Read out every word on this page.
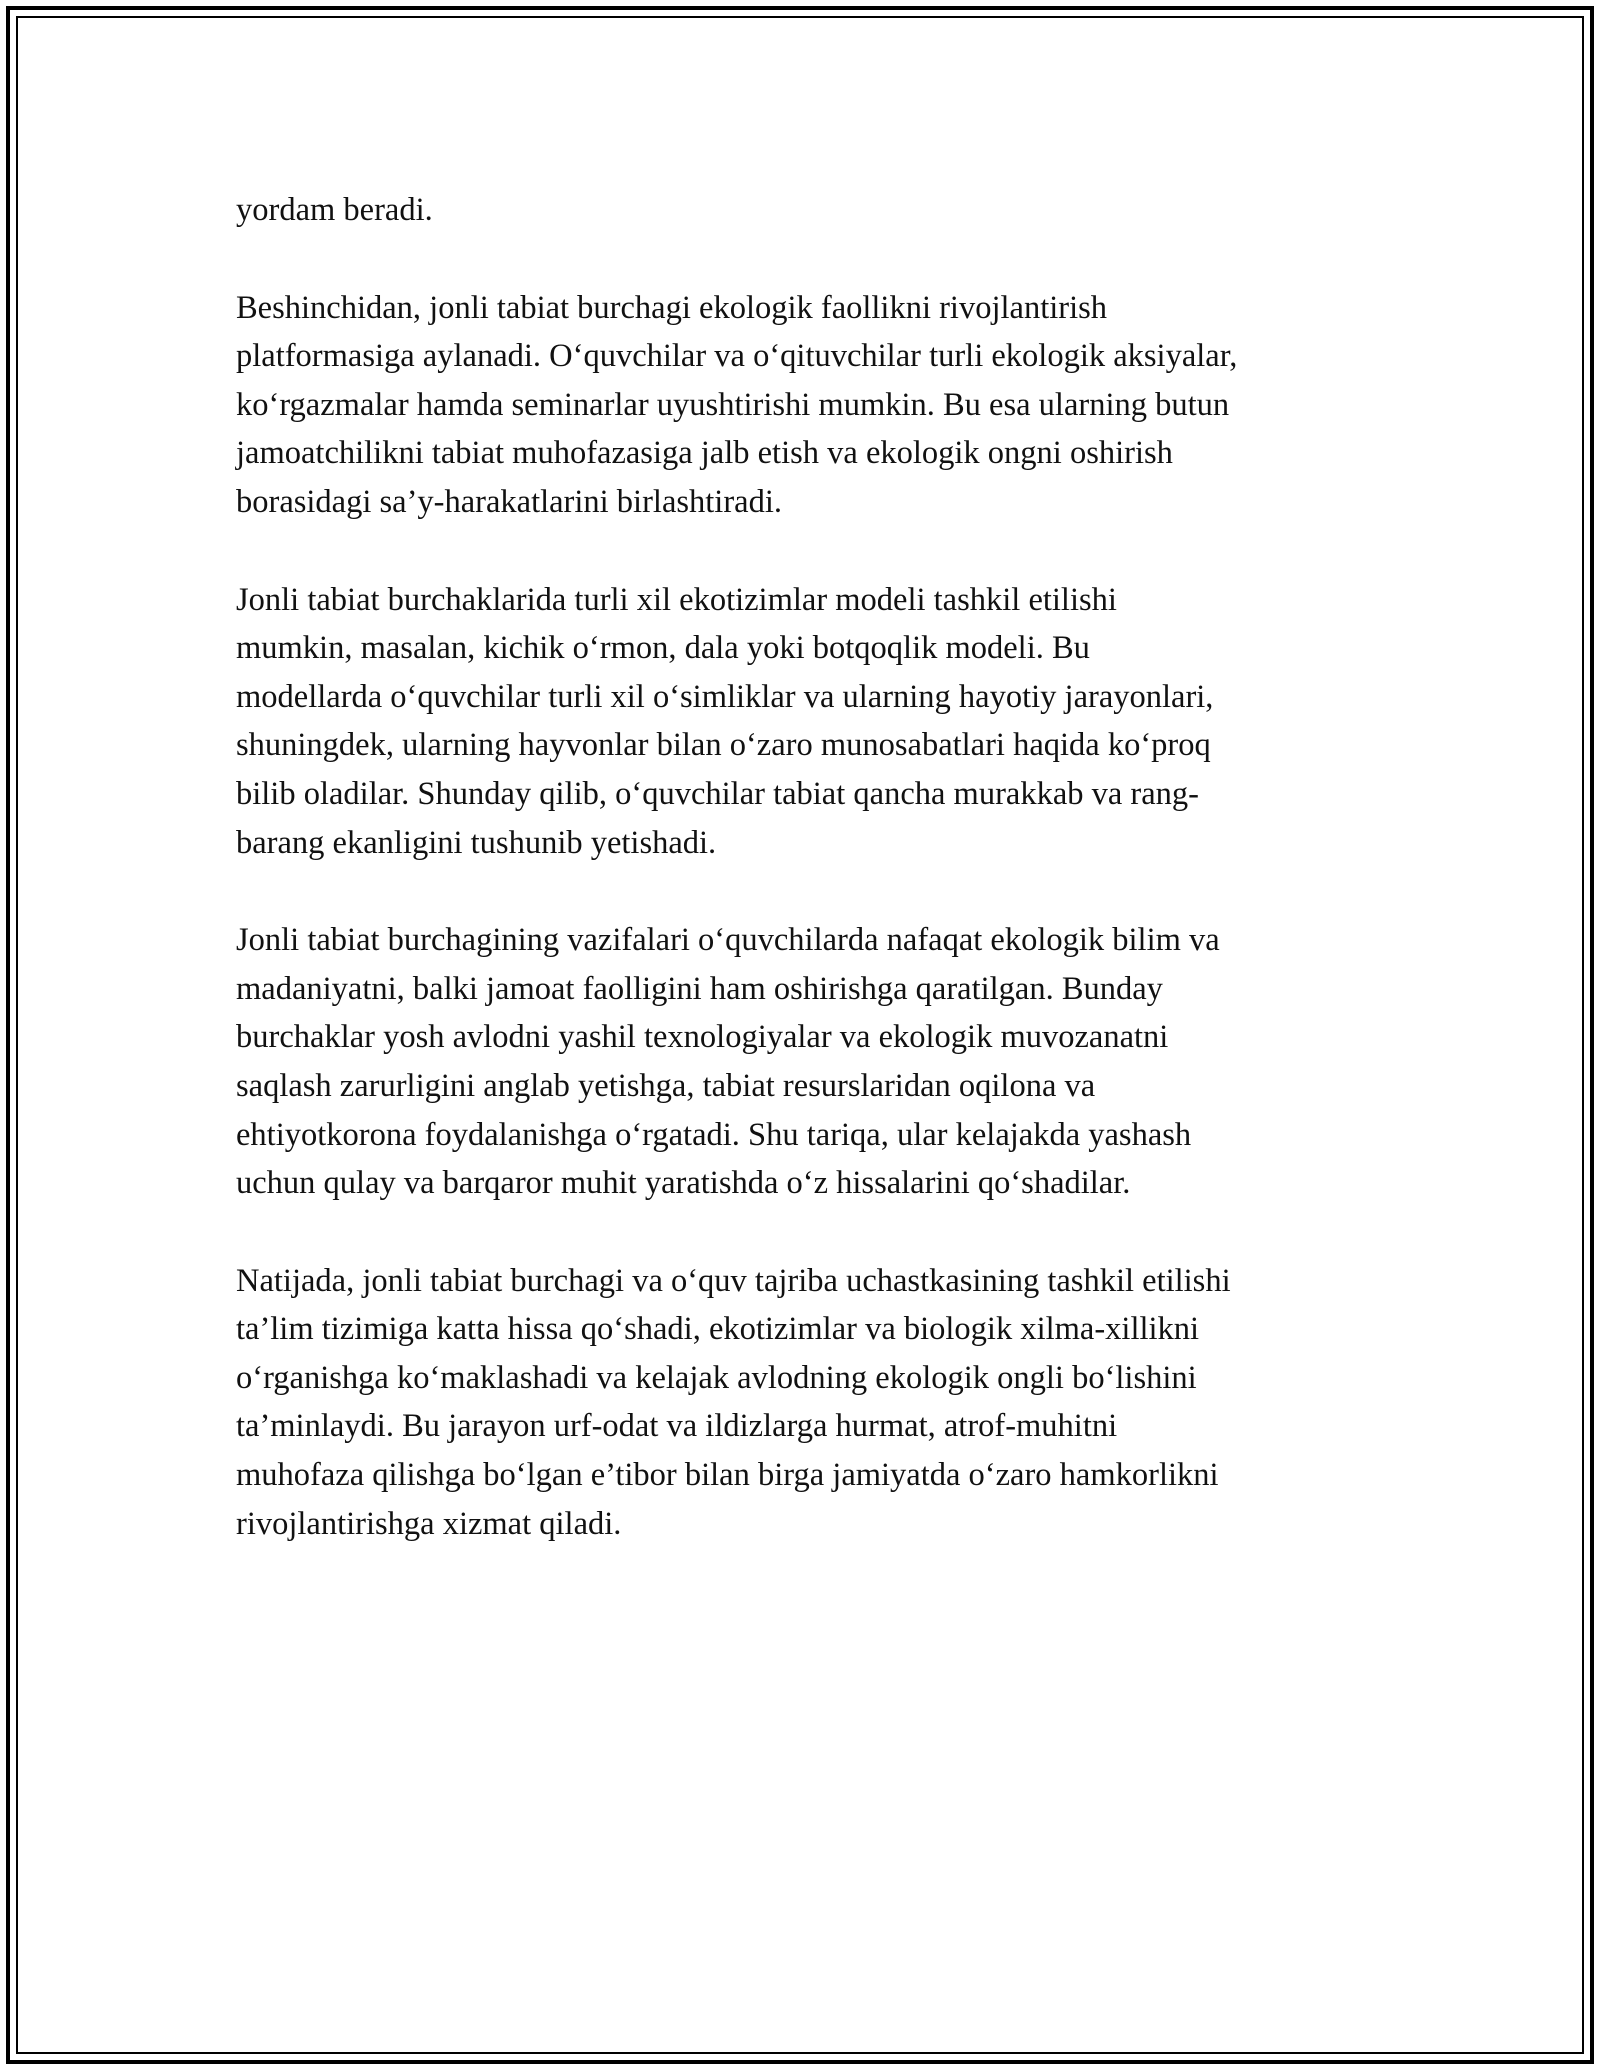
yordam beradi.

Beshinchidan, jonli tabiat burchagi ekologik faollikni rivojlantirish
platformasiga aylanadi. O‘quvchilar va o‘qituvchilar turli ekologik aksiyalar,
ko‘rgazmalar hamda seminarlar uyushtirishi mumkin. Bu esa ularning butun
jamoatchilikni tabiat muhofazasiga jalb etish va ekologik ongni oshirish
borasidagi sa’y-harakatlarini birlashtiradi.

Jonli tabiat burchaklarida turli xil ekotizimlar modeli tashkil etilishi
mumkin, masalan, kichik o‘rmon, dala yoki botqoqlik modeli. Bu
modellarda o‘quvchilar turli xil o‘simliklar va ularning hayotiy jarayonlari,
shuningdek, ularning hayvonlar bilan o‘zaro munosabatlari haqida ko‘proq
bilib oladilar. Shunday qilib, o‘quvchilar tabiat qancha murakkab va rang-
barang ekanligini tushunib yetishadi.

Jonli tabiat burchagining vazifalari o‘quvchilarda nafaqat ekologik bilim va
madaniyatni, balki jamoat faolligini ham oshirishga qaratilgan. Bunday
burchaklar yosh avlodni yashil texnologiyalar va ekologik muvozanatni
saqlash zarurligini anglab yetishga, tabiat resurslaridan oqilona va
ehtiyotkorona foydalanishga o‘rgatadi. Shu tariqa, ular kelajakda yashash
uchun qulay va barqaror muhit yaratishda o‘z hissalarini qo‘shadilar.

Natijada, jonli tabiat burchagi va o‘quv tajriba uchastkasining tashkil etilishi
ta’lim tizimiga katta hissa qo‘shadi, ekotizimlar va biologik xilma-xillikni
o‘rganishga ko‘maklashadi va kelajak avlodning ekologik ongli bo‘lishini
ta’minlaydi. Bu jarayon urf-odat va ildizlarga hurmat, atrof-muhitni
muhofaza qilishga bo‘lgan e’tibor bilan birga jamiyatda o‘zaro hamkorlikni
rivojlantirishga xizmat qiladi.
